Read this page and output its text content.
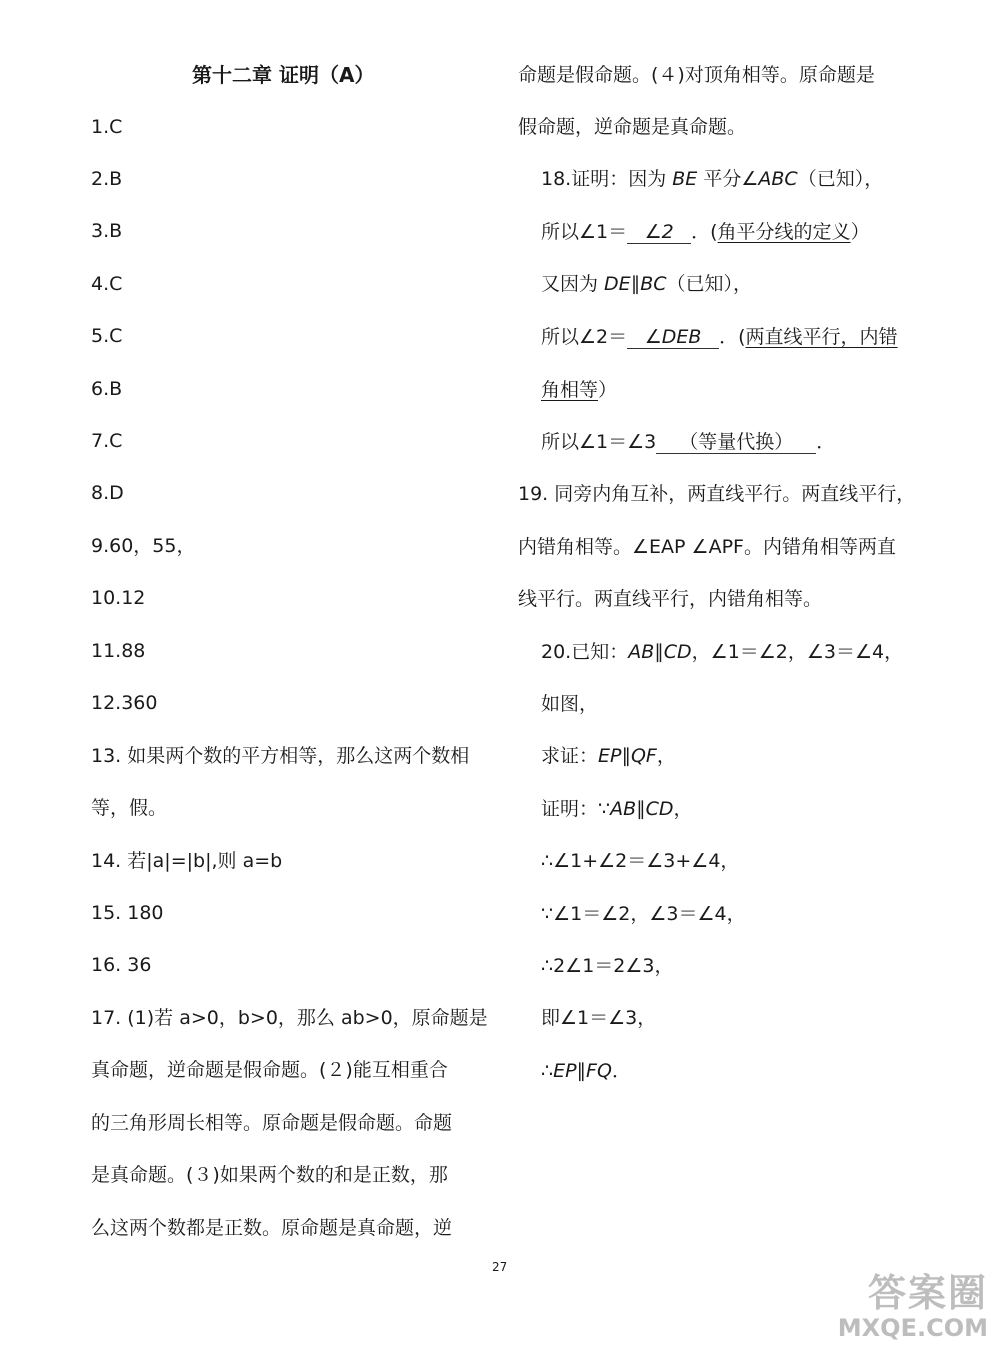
第十二章 证明（A）
1.C
2.B
3.B
4.C
5.C
6.B
7.C
8.D
9.60，55，
10.12
11.88
12.360
13. 如果两个数的平方相等，那么这两个数相
等，假。
14. 若|a|=|b|,则 a=b
15. 180
16. 36
17. (1)若 a>0，b>0，那么 ab>0，原命题是
真命题，逆命题是假命题。(２)能互相重合
的三角形周长相等。原命题是假命题。命题
是真命题。(３)如果两个数的和是正数，那
么这两个数都是正数。原命题是真命题，逆
命题是假命题。(４)对顶角相等。原命题是
假命题，逆命题是真命题。
18.证明：因为 BE 平分∠ABC（已知），
所以∠1＝ ∠2 ．(角平分线的定义）
又因为 DE∥BC（已知），
所以∠2＝ ∠DEB ．(两直线平行，内错
角相等）
所以∠1＝∠3 （等量代换） ．
19. 同旁内角互补，两直线平行。两直线平行，
内错角相等。∠EAP ∠APF。内错角相等两直
线平行。两直线平行，内错角相等。
20.已知：AB∥CD，∠1＝∠2，∠3＝∠4，
如图，
求证：EP∥QF，
证明：∵AB∥CD，
∴∠1+∠2＝∠3+∠4，
∵∠1＝∠2，∠3＝∠4，
∴2∠1＝2∠3，
即∠1＝∠3，
∴EP∥FQ．
27
答案圈
MXQE.COM
